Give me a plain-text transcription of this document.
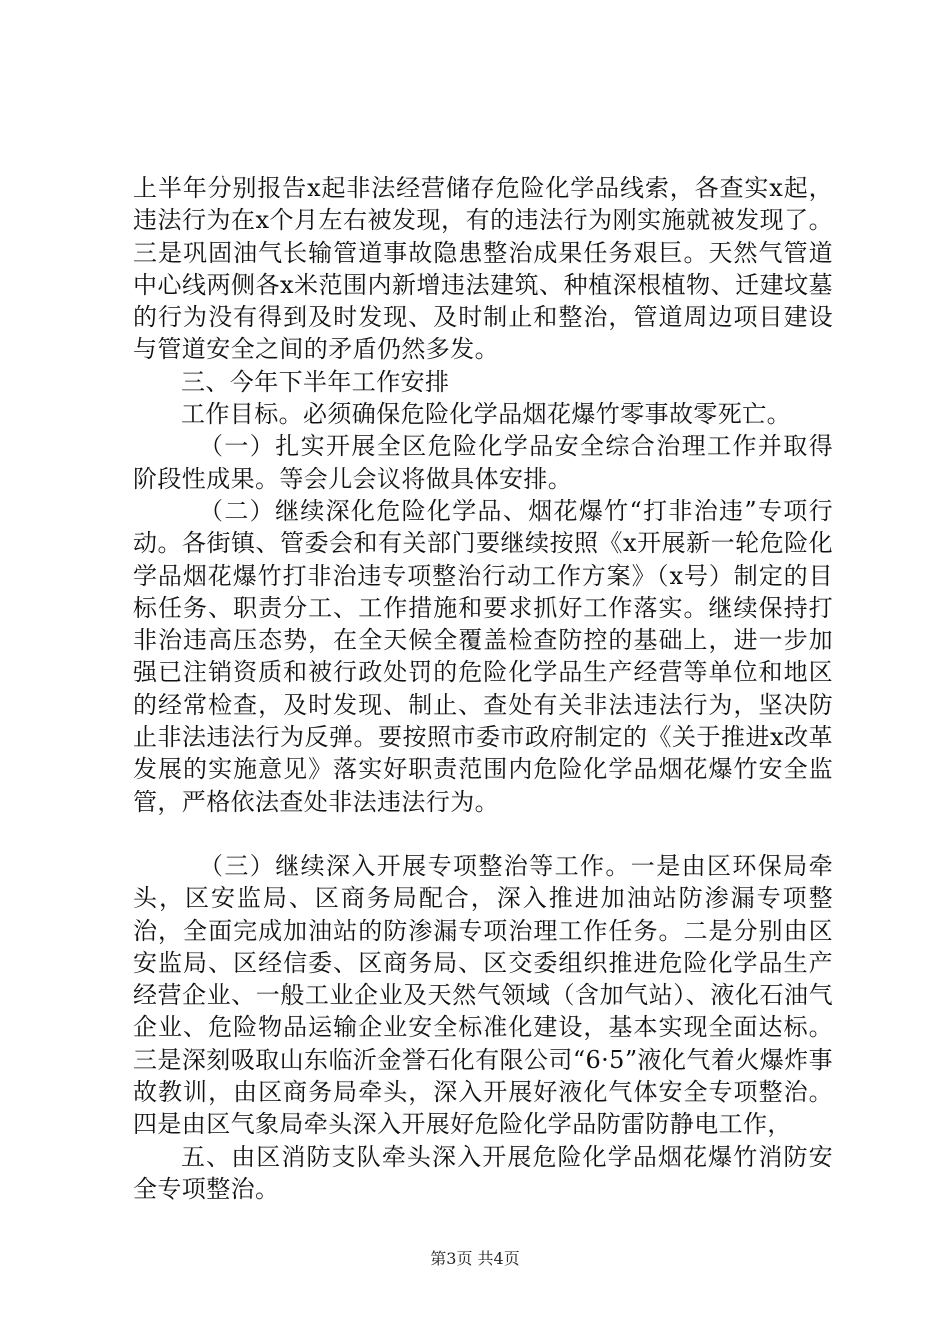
上半年分别报告x起非法经营储存危险化学品线索，各查实x起，违法行为在x个月左右被发现，有的违法行为刚实施就被发现了。三是巩固油气长输管道事故隐患整治成果任务艰巨。天然气管道中心线两侧各x米范围内新增违法建筑、种植深根植物、迁建坟墓的行为没有得到及时发现、及时制止和整治，管道周边项目建设与管道安全之间的矛盾仍然多发。

三、今年下半年工作安排

工作目标。必须确保危险化学品烟花爆竹零事故零死亡。

（一）扎实开展全区危险化学品安全综合治理工作并取得阶段性成果。等会儿会议将做具体安排。

（二）继续深化危险化学品、烟花爆竹“打非治违”专项行动。各街镇、管委会和有关部门要继续按照《x开展新一轮危险化学品烟花爆竹打非治违专项整治行动工作方案》（x号）制定的目标任务、职责分工、工作措施和要求抓好工作落实。继续保持打非治违高压态势，在全天候全覆盖检查防控的基础上，进一步加强已注销资质和被行政处罚的危险化学品生产经营等单位和地区的经常检查，及时发现、制止、查处有关非法违法行为，坚决防止非法违法行为反弹。要按照市委市政府制定的《关于推进x改革发展的实施意见》落实好职责范围内危险化学品烟花爆竹安全监管，严格依法查处非法违法行为。

（三）继续深入开展专项整治等工作。一是由区环保局牵头，区安监局、区商务局配合，深入推进加油站防渗漏专项整治，全面完成加油站的防渗漏专项治理工作任务。二是分别由区安监局、区经信委、区商务局、区交委组织推进危险化学品生产经营企业、一般工业企业及天然气领域（含加气站）、液化石油气企业、危险物品运输企业安全标准化建设，基本实现全面达标。三是深刻吸取山东临沂金誉石化有限公司“6·5”液化气着火爆炸事故教训，由区商务局牵头，深入开展好液化气体安全专项整治。四是由区气象局牵头深入开展好危险化学品防雷防静电工作，

五、由区消防支队牵头深入开展危险化学品烟花爆竹消防安全专项整治。

第3页 共4页
